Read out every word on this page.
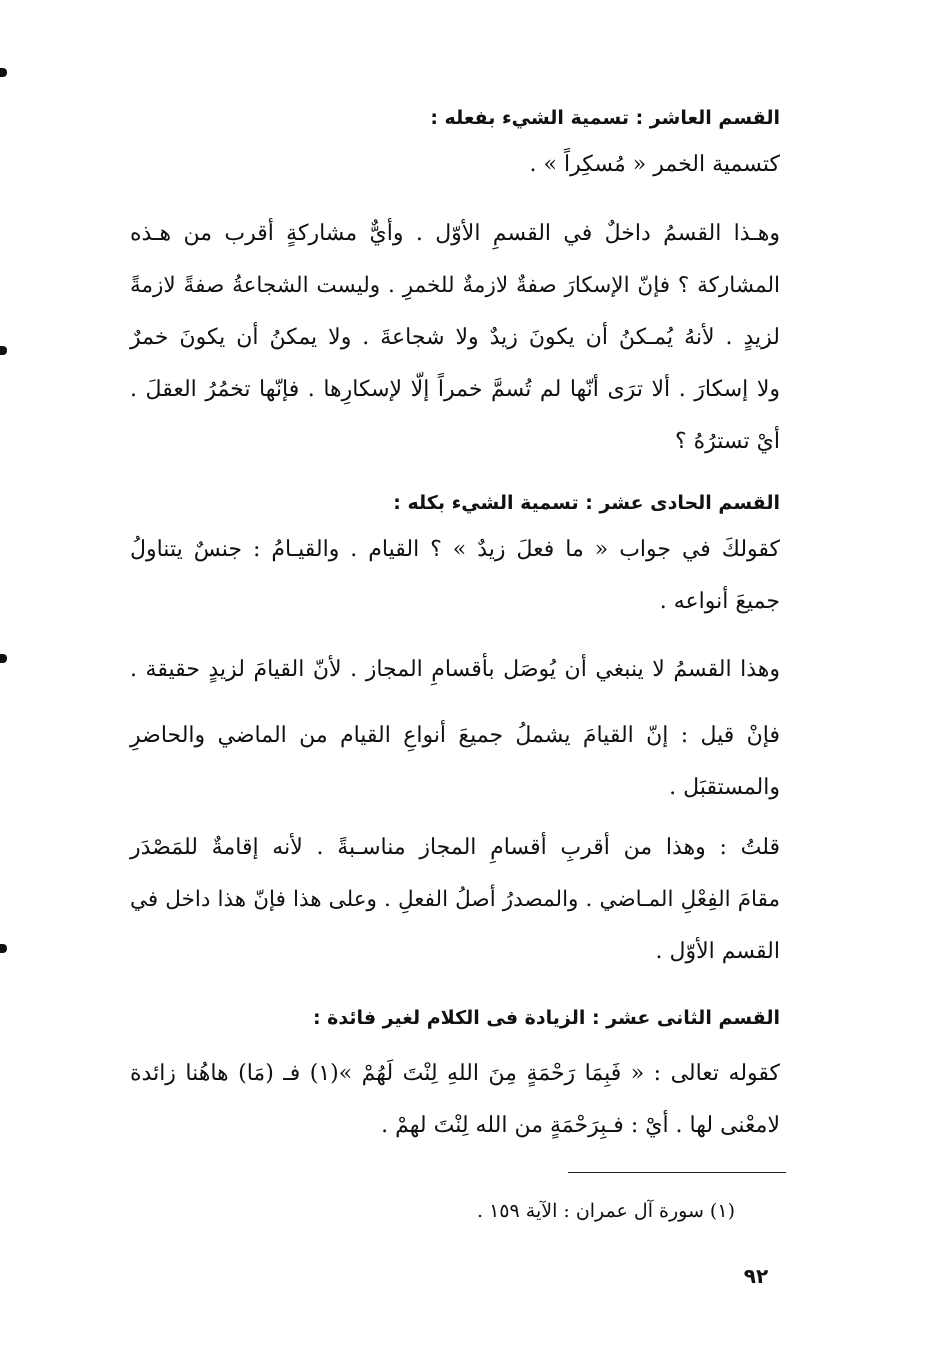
القسم العاشر : تسمية الشيء بفعله :
كتسمية الخمر « مُسكِراً » .
وهـذا القسمُ داخلٌ في القسمِ الأوّل . وأيٌّ مشاركةٍ أقرب من هـذه
المشاركة ؟ فإنّ الإسكارَ صفةٌ لازمةٌ للخمرِ . وليست الشجاعةُ صفةً لازمةً
لزيدٍ . لأنهُ يُمـكنُ أن يكونَ زيدٌ ولا شجاعةَ . ولا يمكنُ أن يكونَ خمرٌ
ولا إسكارَ . ألا ترَى أنّها لم تُسمَّ خمراً إلّا لإسكارِها . فإنّها تخمُرُ العقلَ .
أيْ تسترُهُ ؟
القسم الحادى عشر : تسمية الشيء بكله :
كقولكَ في جواب « ما فعلَ زيدٌ » ؟ القيام . والقيـامُ : جنسٌ يتناولُ
جميعَ أنواعه .
وهذا القسمُ لا ينبغي أن يُوصَل بأقسامِ المجاز . لأنّ القيامَ لزيدٍ حقيقة .
فإنْ قيل : إنّ القيامَ يشملُ جميعَ أنواعِ القيام من الماضي والحاضرِ
والمستقبَل .
قلتُ : وهذا من أقربِ أقسامِ المجاز مناسـبةً . لأنه إقامةٌ للمَصْدَر
مقامَ الفِعْلِ المـاضي . والمصدرُ أصلُ الفعلِ . وعلى هذا فإنّ هذا داخل في
القسم الأوّل .
القسم الثانى عشر : الزيادة فى الكلام لغير فائدة :
كقوله تعالى : « فَبِمَا رَحْمَةٍ مِنَ اللهِ لِنْتَ لَهُمْ »(١) فـ (مَا) هاهُنا زائدة
لامعْنى لها . أيْ : فـبِرَحْمَةٍ من الله لِنْتَ لهمْ .
(١) سورة آل عمران : الآية ١٥٩ .
٩٢
